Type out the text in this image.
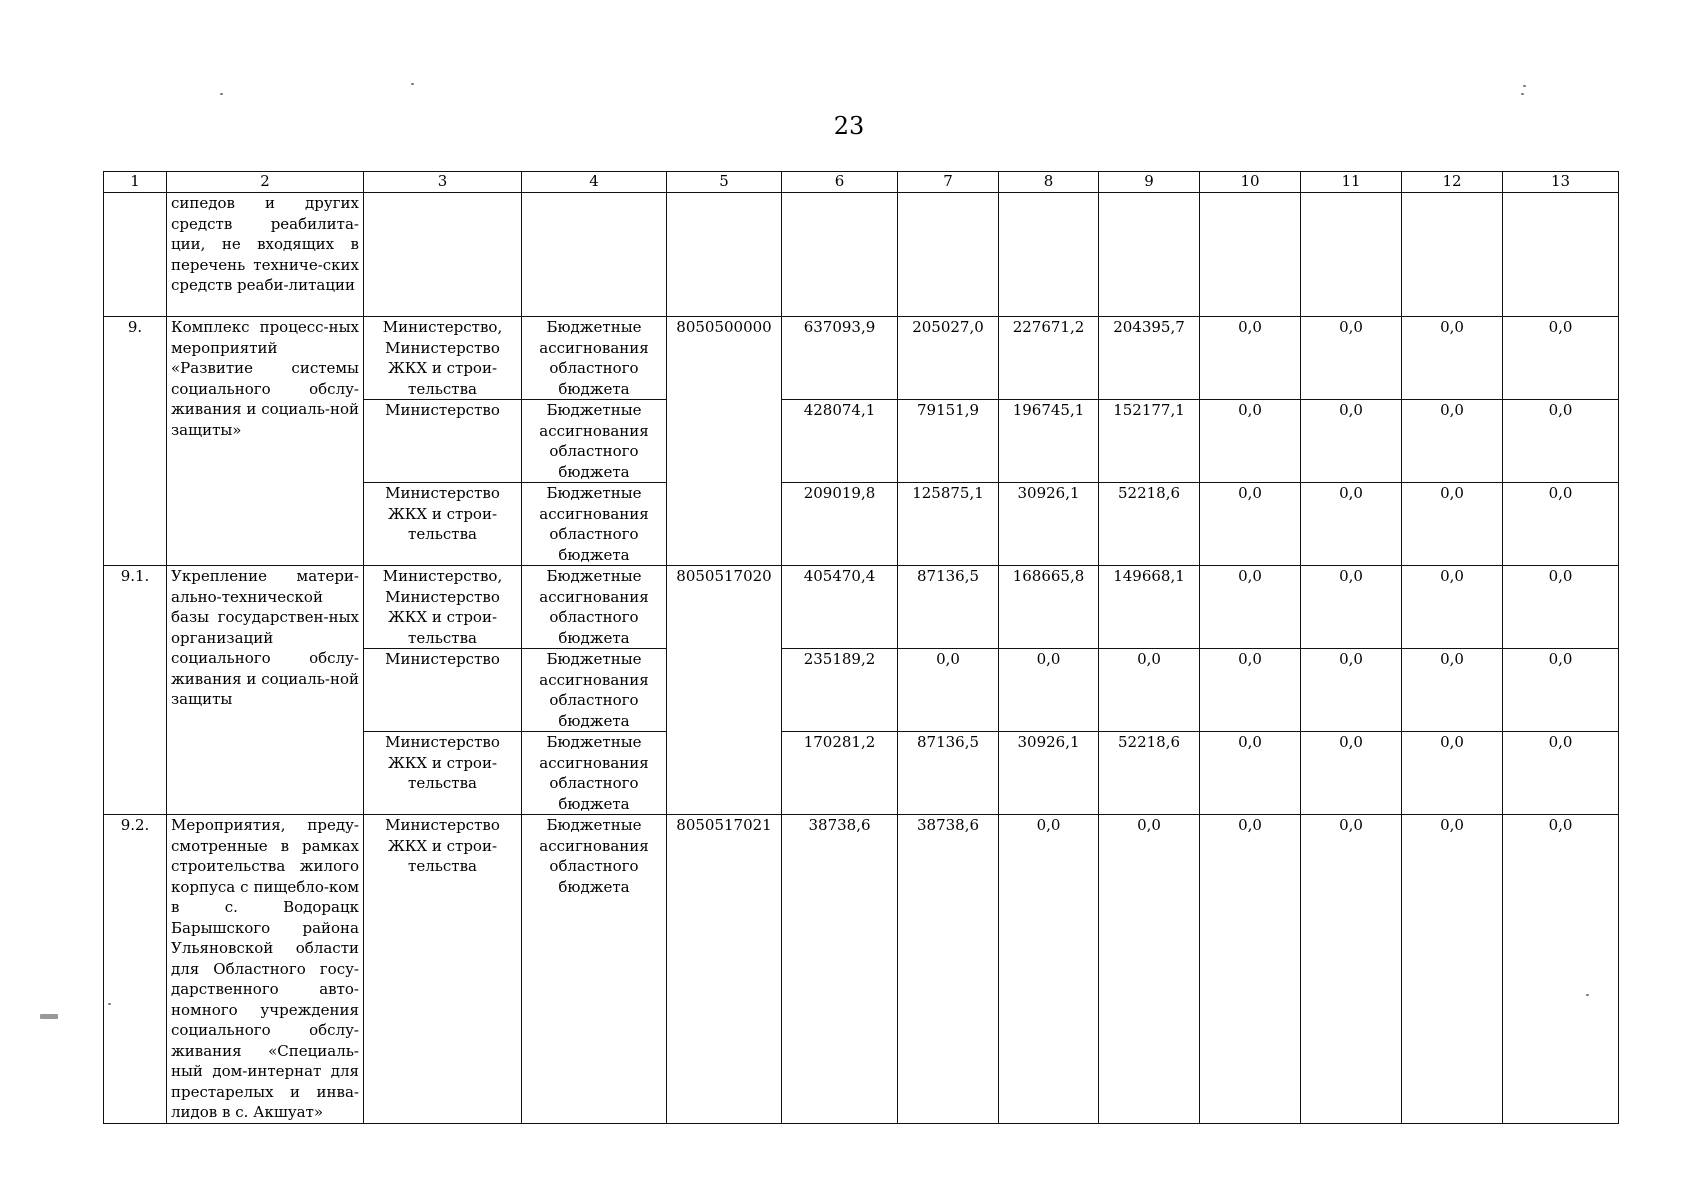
23
1	2	3	4	5	6	7	8	9	10	11	12	13
	сипедов и других средств реабилита-ции, не входящих в перечень техниче-ских средств реаби-литации											
9.	Комплекс процесс-ных мероприятий «Развитие системы социального обслу-живания и социаль-ной защиты»	Министерство, Министерство ЖКХ и строи-тельства	Бюджетные ассигнования областного бюджета	8050500000	637093,9	205027,0	227671,2	204395,7	0,0	0,0	0,0	0,0
		Министерство	Бюджетные ассигнования областного бюджета		428074,1	79151,9	196745,1	152177,1	0,0	0,0	0,0	0,0
		Министерство ЖКХ и строи-тельства	Бюджетные ассигнования областного бюджета		209019,8	125875,1	30926,1	52218,6	0,0	0,0	0,0	0,0
9.1.	Укрепление матери-ально-технической базы государствен-ных организаций социального обслу-живания и социаль-ной защиты	Министерство, Министерство ЖКХ и строи-тельства	Бюджетные ассигнования областного бюджета	8050517020	405470,4	87136,5	168665,8	149668,1	0,0	0,0	0,0	0,0
		Министерство	Бюджетные ассигнования областного бюджета		235189,2	0,0	0,0	0,0	0,0	0,0	0,0	0,0
		Министерство ЖКХ и строи-тельства	Бюджетные ассигнования областного бюджета		170281,2	87136,5	30926,1	52218,6	0,0	0,0	0,0	0,0
9.2.	Мероприятия, преду-смотренные в рамках строительства жилого корпуса с пищебло-ком в с. Водорацк Барышского района Ульяновской области для Областного госу-дарственного авто-номного учреждения социального обслу-живания «Специаль-ный дом-интернат для престарелых и инва-лидов в с. Акшуат»	Министерство ЖКХ и строи-тельства	Бюджетные ассигнования областного бюджета	8050517021	38738,6	38738,6	0,0	0,0	0,0	0,0	0,0	0,0
